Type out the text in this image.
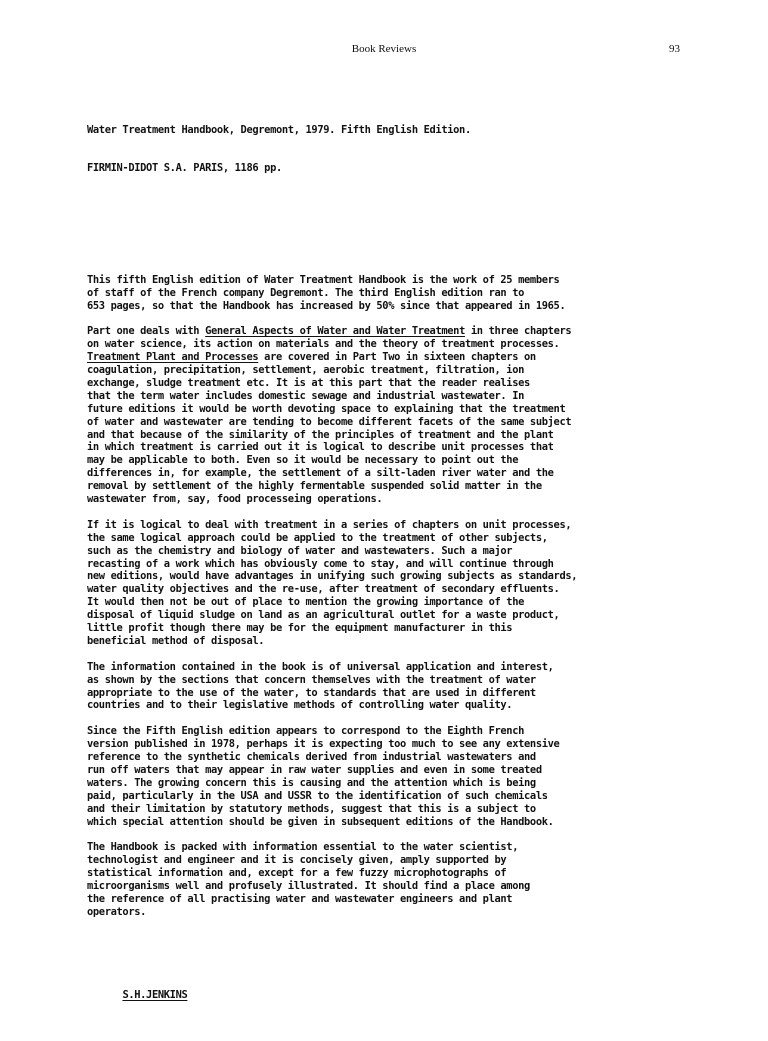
Book Reviews	93

Water Treatment Handbook, Degremont, 1979. Fifth English Edition.

FIRMIN-DIDOT S.A. PARIS, 1186 pp.

This fifth English edition of Water Treatment Handbook is the work of 25 members
of staff of the French company Degremont. The third English edition ran to
653 pages, so that the Handbook has increased by 50% since that appeared in 1965.
Part one deals with General Aspects of Water and Water Treatment in three chapters
on water science, its action on materials and the theory of treatment processes.
Treatment Plant and Processes are covered in Part Two in sixteen chapters on
coagulation, precipitation, settlement, aerobic treatment, filtration, ion
exchange, sludge treatment etc. It is at this part that the reader realises
that the term water includes domestic sewage and industrial wastewater. In
future editions it would be worth devoting space to explaining that the treatment
of water and wastewater are tending to become different facets of the same subject
and that because of the similarity of the principles of treatment and the plant
in which treatment is carried out it is logical to describe unit processes that
may be applicable to both. Even so it would be necessary to point out the
differences in, for example, the settlement of a silt-laden river water and the
removal by settlement of the highly fermentable suspended solid matter in the
wastewater from, say, food processeing operations.
If it is logical to deal with treatment in a series of chapters on unit processes,
the same logical approach could be applied to the treatment of other subjects,
such as the chemistry and biology of water and wastewaters. Such a major
recasting of a work which has obviously come to stay, and will continue through
new editions, would have advantages in unifying such growing subjects as standards,
water quality objectives and the re-use, after treatment of secondary effluents.
It would then not be out of place to mention the growing importance of the
disposal of liquid sludge on land as an agricultural outlet for a waste product,
little profit though there may be for the equipment manufacturer in this
beneficial method of disposal.
The information contained in the book is of universal application and interest,
as shown by the sections that concern themselves with the treatment of water
appropriate to the use of the water, to standards that are used in different
countries and to their legislative methods of controlling water quality.
Since the Fifth English edition appears to correspond to the Eighth French
version published in 1978, perhaps it is expecting too much to see any extensive
reference to the synthetic chemicals derived from industrial wastewaters and
run off waters that may appear in raw water supplies and even in some treated
waters. The growing concern this is causing and the attention which is being
paid, particularly in the USA and USSR to the identification of such chemicals
and their limitation by statutory methods, suggest that this is a subject to
which special attention should be given in subsequent editions of the Handbook.
The Handbook is packed with information essential to the water scientist,
technologist and engineer and it is concisely given, amply supported by
statistical information and, except for a few fuzzy microphotographs of
microorganisms well and profusely illustrated. It should find a place among
the reference of all practising water and wastewater engineers and plant
operators.

S.H.JENKINS
